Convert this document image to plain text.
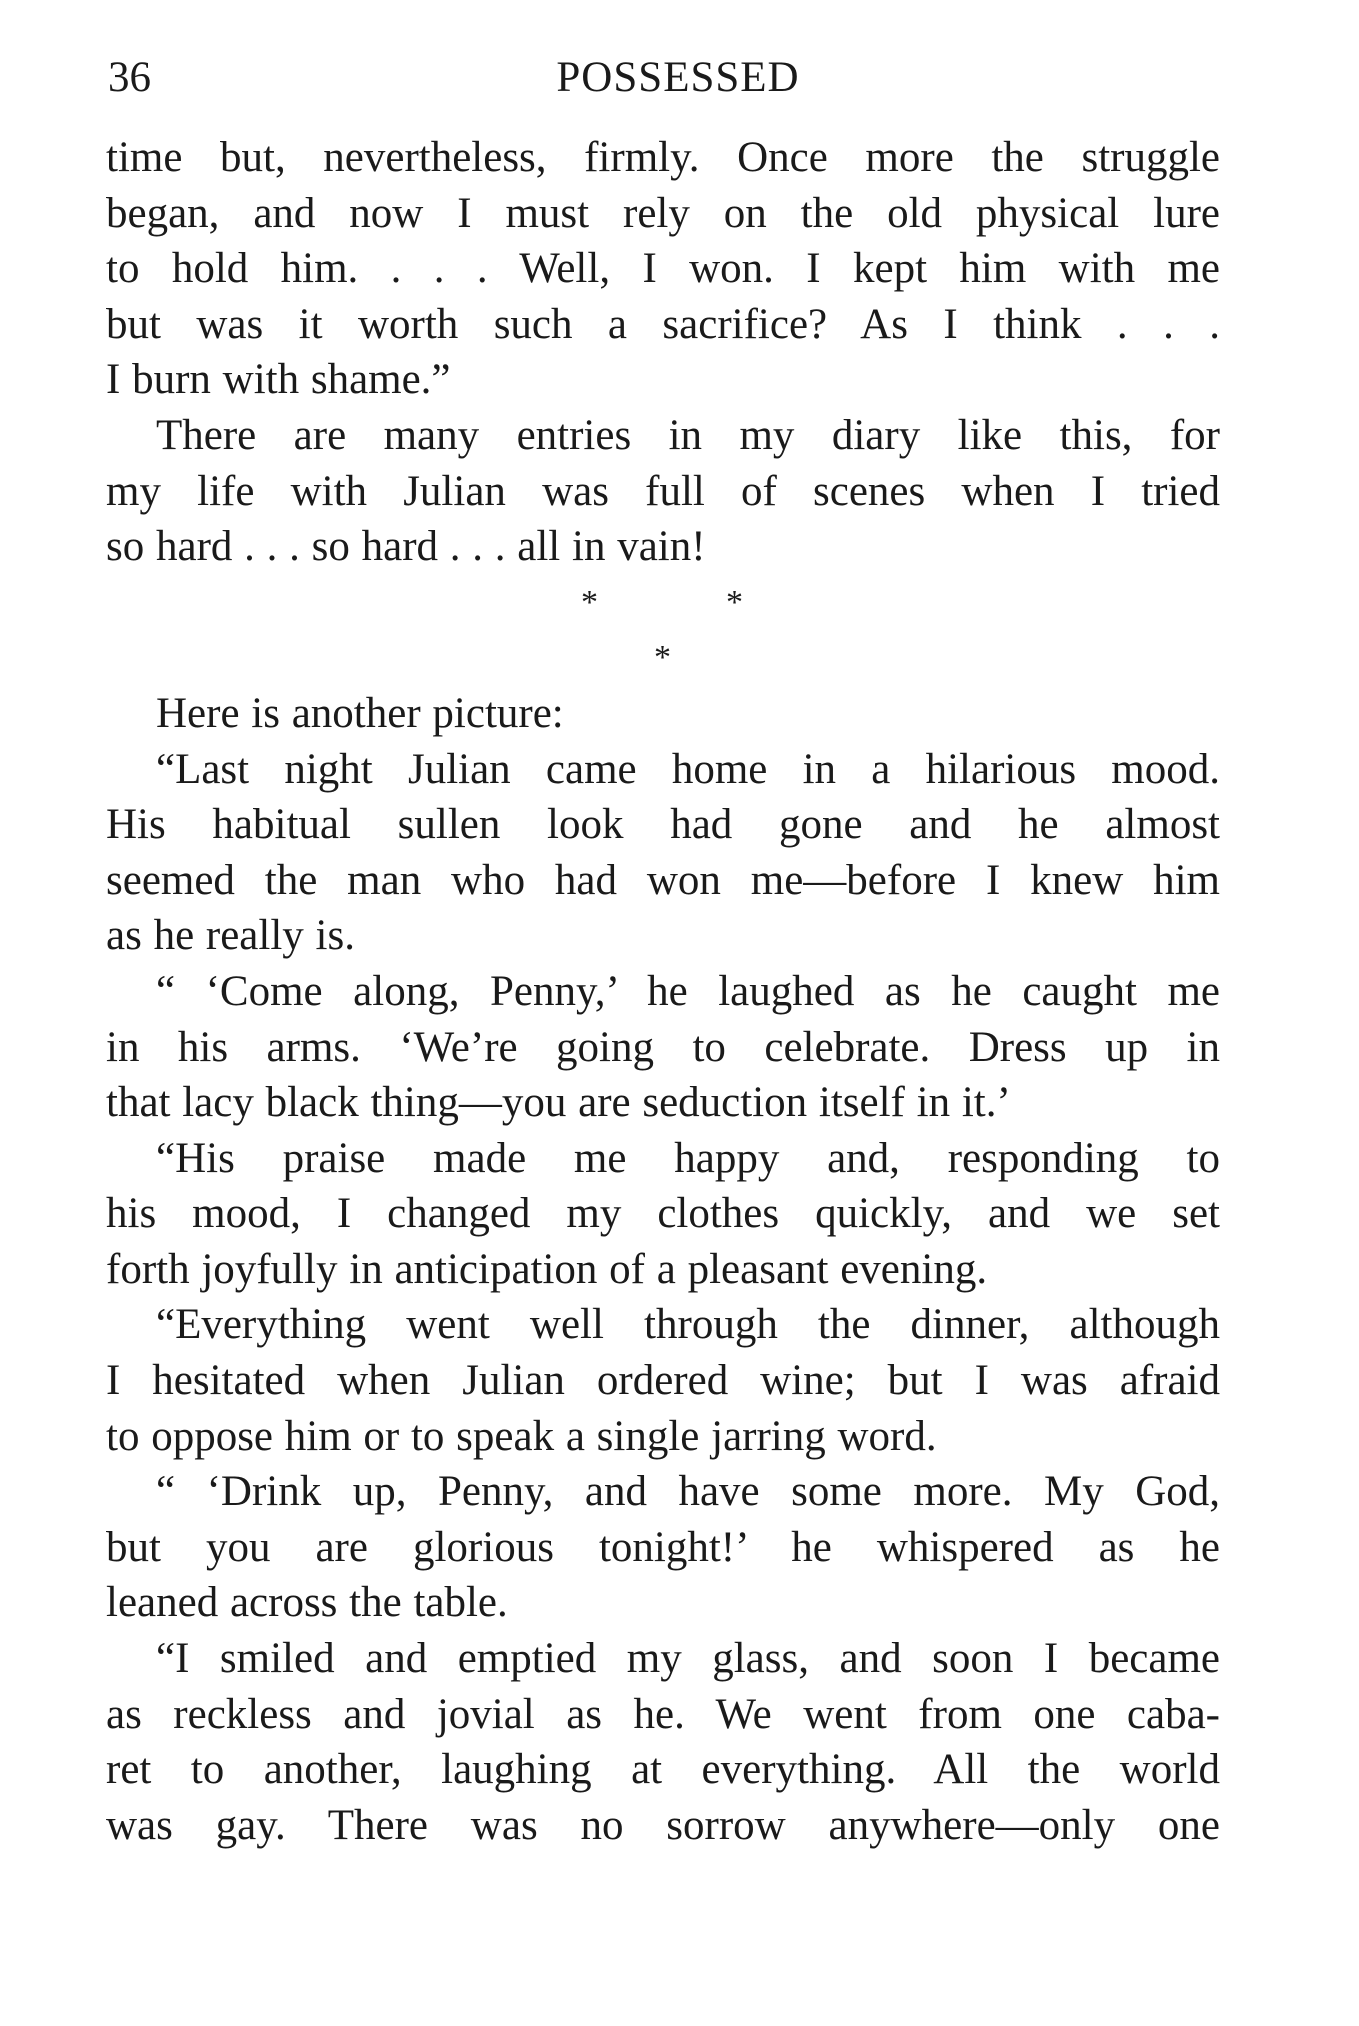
36	POSSESSED
time but, nevertheless, firmly. Once more the struggle
began, and now I must rely on the old physical lure
to hold him. . . . Well, I won. I kept him with me
but was it worth such a sacrifice? As I think . . .
I burn with shame.”
There are many entries in my diary like this, for
my life with Julian was full of scenes when I tried
so hard . . . so hard . . . all in vain!
*	*
*
Here is another picture:
“Last night Julian came home in a hilarious mood.
His habitual sullen look had gone and he almost
seemed the man who had won me—before I knew him
as he really is.
“ ‘Come along, Penny,’ he laughed as he caught me
in his arms. ‘We’re going to celebrate. Dress up in
that lacy black thing—you are seduction itself in it.’
“His praise made me happy and, responding to
his mood, I changed my clothes quickly, and we set
forth joyfully in anticipation of a pleasant evening.
“Everything went well through the dinner, although
I hesitated when Julian ordered wine; but I was afraid
to oppose him or to speak a single jarring word.
“ ‘Drink up, Penny, and have some more. My God,
but you are glorious tonight!’ he whispered as he
leaned across the table.
“I smiled and emptied my glass, and soon I became
as reckless and jovial as he. We went from one caba-
ret to another, laughing at everything. All the world
was gay. There was no sorrow anywhere—only one
